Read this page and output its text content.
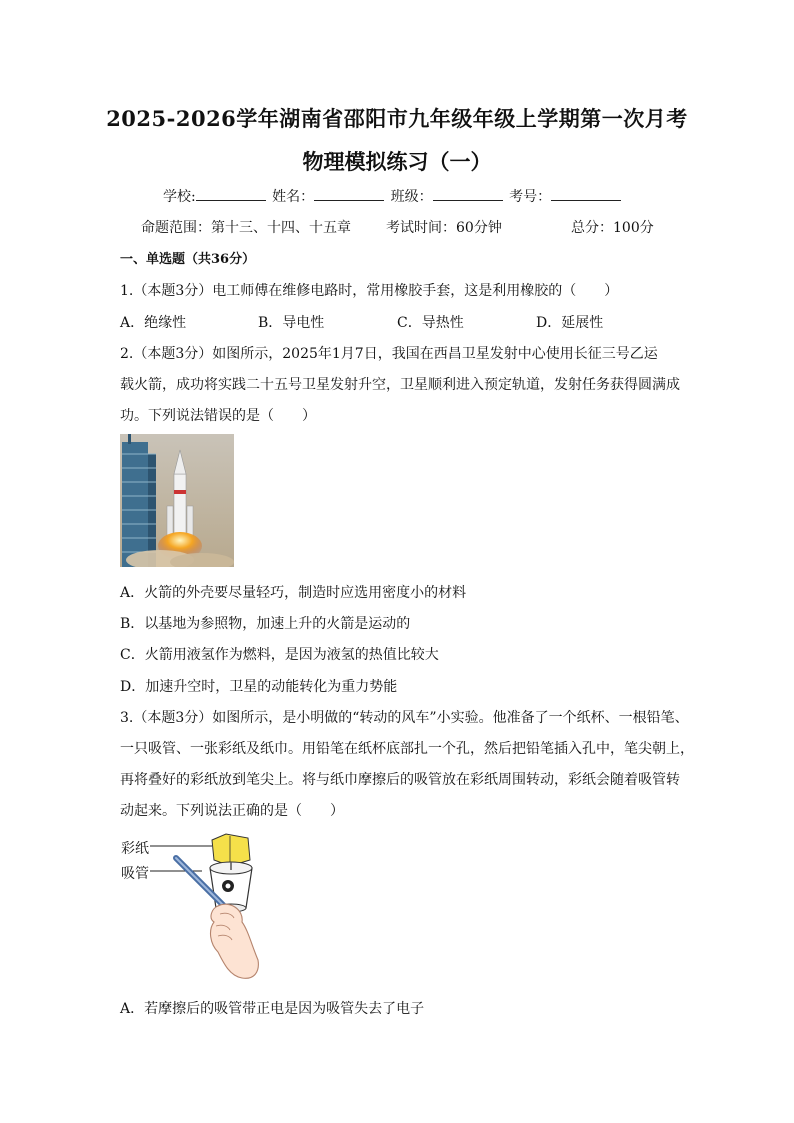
2025-2026学年湖南省邵阳市九年级年级上学期第一次月考
物理模拟练习（一）
学校:	姓名：	班级：	考号：
命题范围：第十三、十四、十五章	考试时间：60分钟	总分：100分
一、单选题（共36分）
1.（本题3分）电工师傅在维修电路时，常用橡胶手套，这是利用橡胶的（　　）
A．绝缘性	B．导电性	C．导热性	D．延展性
2.（本题3分）如图所示，2025年1月7日，我国在西昌卫星发射中心使用长征三号乙运
载火箭，成功将实践二十五号卫星发射升空，卫星顺利进入预定轨道，发射任务获得圆满成
功。下列说法错误的是（　　）
A．火箭的外壳要尽量轻巧，制造时应选用密度小的材料
B．以基地为参照物，加速上升的火箭是运动的
C．火箭用液氢作为燃料，是因为液氢的热值比较大
D．加速升空时，卫星的动能转化为重力势能
3.（本题3分）如图所示，是小明做的“转动的风车”小实验。他准备了一个纸杯、一根铅笔、
一只吸管、一张彩纸及纸巾。用铅笔在纸杯底部扎一个孔，然后把铅笔插入孔中，笔尖朝上，
再将叠好的彩纸放到笔尖上。将与纸巾摩擦后的吸管放在彩纸周围转动，彩纸会随着吸管转
动起来。下列说法正确的是（　　）
彩纸
吸管
A．若摩擦后的吸管带正电是因为吸管失去了电子
